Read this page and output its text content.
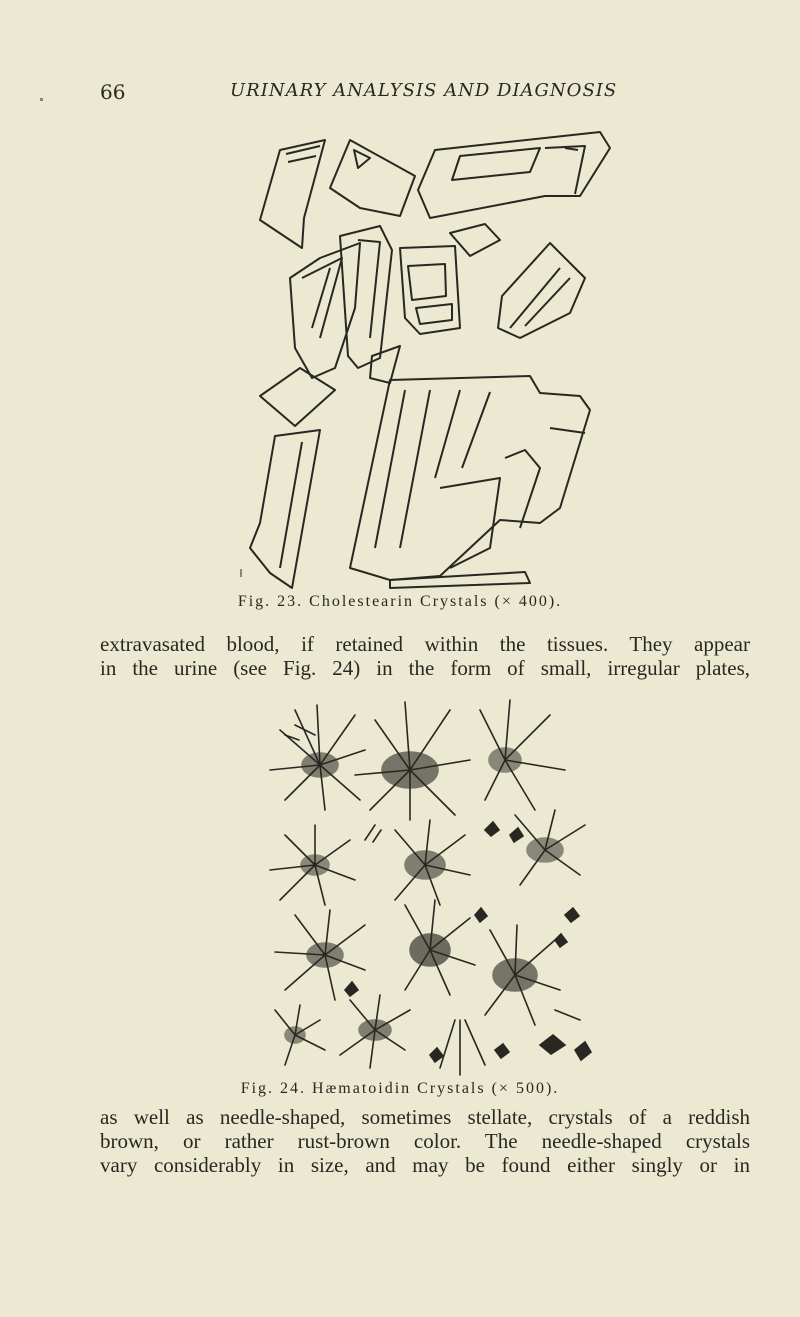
66	URINARY ANALYSIS AND DIAGNOSIS
Fig. 23. Cholestearin Crystals (× 400).
extravasated blood, if retained within the tissues. They appear
in the urine (see Fig. 24) in the form of small, irregular plates,
Fig. 24. Hæmatoidin Crystals (× 500).
as well as needle-shaped, sometimes stellate, crystals of a reddish
brown, or rather rust-brown color. The needle-shaped crystals
vary considerably in size, and may be found either singly or in
